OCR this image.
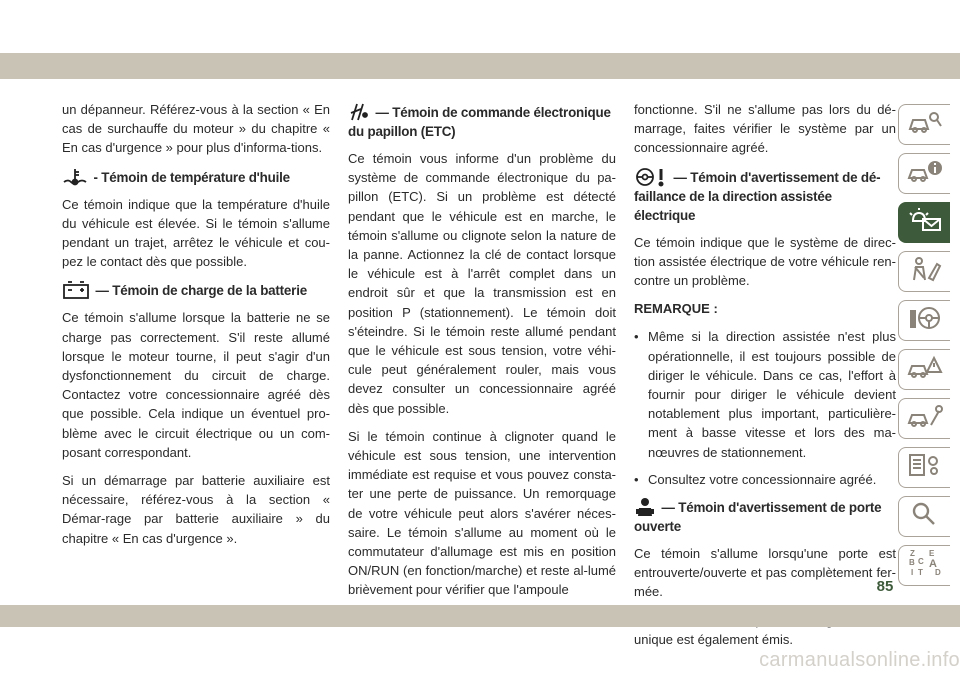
un dépanneur. Référez-vous à la section « En cas de surchauffe du moteur » du chapitre « En cas d'urgence » pour plus d'informa-tions.

- Témoin de température d'huile

Ce témoin indique que la température d'huile du véhicule est élevée. Si le témoin s'allume pendant un trajet, arrêtez le véhicule et cou-pez le contact dès que possible.

— Témoin de charge de la batterie

Ce témoin s'allume lorsque la batterie ne se charge pas correctement. S'il reste allumé lorsque le moteur tourne, il peut s'agir d'un dysfonctionnement du circuit de charge. Contactez votre concessionnaire agréé dès que possible. Cela indique un éventuel pro-blème avec le circuit électrique ou un com-posant correspondant.

Si un démarrage par batterie auxiliaire est nécessaire, référez-vous à la section « Démar-rage par batterie auxiliaire » du chapitre « En cas d'urgence ».

— Témoin de commande électronique du papillon (ETC)

Ce témoin vous informe d'un problème du système de commande électronique du pa-pillon (ETC). Si un problème est détecté pendant que le véhicule est en marche, le témoin s'allume ou clignote selon la nature de la panne. Actionnez la clé de contact lorsque le véhicule est à l'arrêt complet dans un endroit sûr et que la transmission est en position P (stationnement). Le témoin doit s'éteindre. Si le témoin reste allumé pendant que le véhicule est sous tension, votre véhi-cule peut généralement rouler, mais vous devez consulter un concessionnaire agréé dès que possible.

Si le témoin continue à clignoter quand le véhicule est sous tension, une intervention immédiate est requise et vous pouvez consta-ter une perte de puissance. Un remorquage de votre véhicule peut alors s'avérer néces-saire. Le témoin s'allume au moment où le commutateur d'allumage est mis en position ON/RUN (en fonction/marche) et reste al-lumé brièvement pour vérifier que l'ampoule

fonctionne. S'il ne s'allume pas lors du dé-marrage, faites vérifier le système par un concessionnaire agréé.

— Témoin d'avertissement de dé-faillance de la direction assistée électrique

Ce témoin indique que le système de direc-tion assistée électrique de votre véhicule ren-contre un problème.

REMARQUE :

• Même si la direction assistée n'est plus opérationnelle, il est toujours possible de diriger le véhicule. Dans ce cas, l'effort à fournir pour diriger le véhicule devient notablement plus important, particulière-ment à basse vitesse et lors des ma-nœuvres de stationnement.
• Consultez votre concessionnaire agréé.
— Témoin d'avertissement de porte ouverte

Ce témoin s'allume lorsqu'une porte est entrouverte/ouverte et pas complètement fer-mée.

unique est également émis.

Z E
B C A
I T D
85
carmanualsonline.info
